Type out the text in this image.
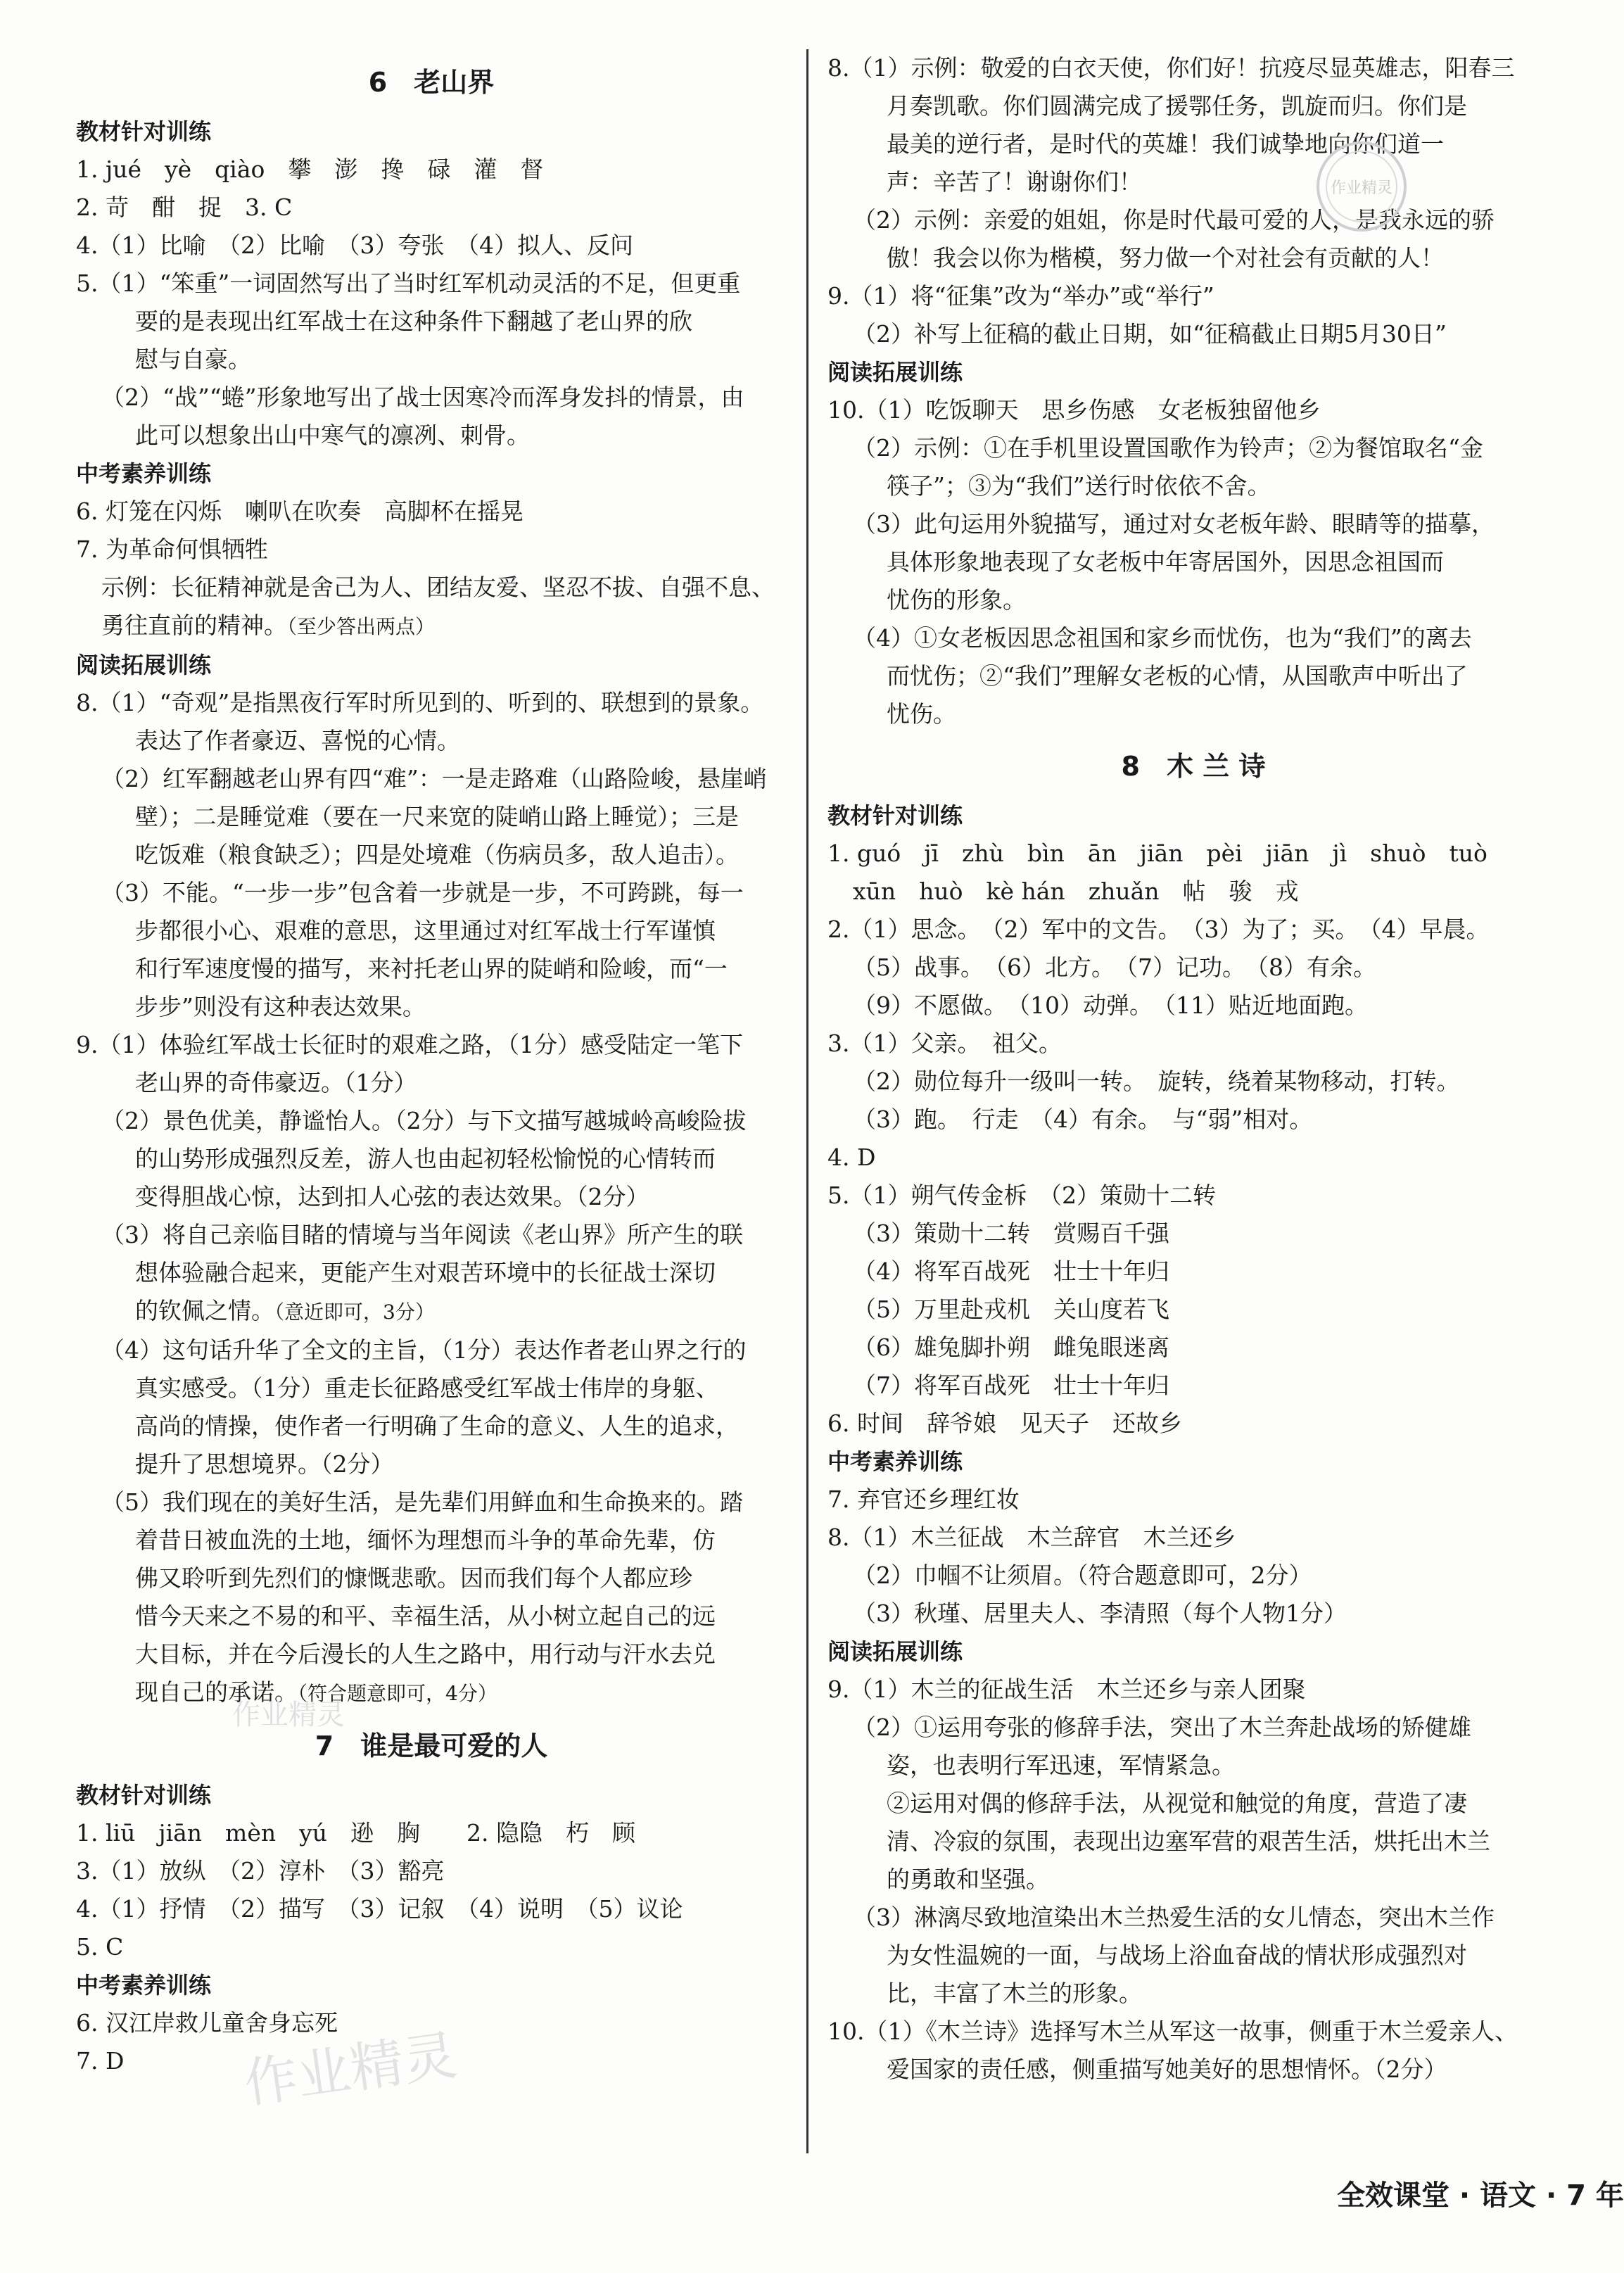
6　老山界
教材针对训练
1. jué　yè　qiào　攀　澎　搀　碌　灌　督
2. 苛　酣　捉　3. C
4.（1）比喻　（2）比喻　（3）夸张　（4）拟人、反问
5.（1）“笨重”一词固然写出了当时红军机动灵活的不足，但更重
要的是表现出红军战士在这种条件下翻越了老山界的欣
慰与自豪。
（2）“战”“蜷”形象地写出了战士因寒冷而浑身发抖的情景，由
此可以想象出山中寒气的凛冽、刺骨。
中考素养训练
6. 灯笼在闪烁　喇叭在吹奏　高脚杯在摇晃
7. 为革命何惧牺牲
示例：长征精神就是舍己为人、团结友爱、坚忍不拔、自强不息、
勇往直前的精神。（至少答出两点）
阅读拓展训练
8.（1）“奇观”是指黑夜行军时所见到的、听到的、联想到的景象。
表达了作者豪迈、喜悦的心情。
（2）红军翻越老山界有四“难”：一是走路难（山路险峻，悬崖峭
壁）；二是睡觉难（要在一尺来宽的陡峭山路上睡觉）；三是
吃饭难（粮食缺乏）；四是处境难（伤病员多，敌人追击）。
（3）不能。“一步一步”包含着一步就是一步，不可跨跳，每一
步都很小心、艰难的意思，这里通过对红军战士行军谨慎
和行军速度慢的描写，来衬托老山界的陡峭和险峻，而“一
步步”则没有这种表达效果。
9.（1）体验红军战士长征时的艰难之路，（1分）感受陆定一笔下
老山界的奇伟豪迈。（1分）
（2）景色优美，静谧怡人。（2分）与下文描写越城岭高峻险拔
的山势形成强烈反差，游人也由起初轻松愉悦的心情转而
变得胆战心惊，达到扣人心弦的表达效果。（2分）
（3）将自己亲临目睹的情境与当年阅读《老山界》所产生的联
想体验融合起来，更能产生对艰苦环境中的长征战士深切
的钦佩之情。（意近即可，3分）
（4）这句话升华了全文的主旨，（1分）表达作者老山界之行的
真实感受。（1分）重走长征路感受红军战士伟岸的身躯、
高尚的情操，使作者一行明确了生命的意义、人生的追求，
提升了思想境界。（2分）
（5）我们现在的美好生活，是先辈们用鲜血和生命换来的。踏
着昔日被血洗的土地，缅怀为理想而斗争的革命先辈，仿
佛又聆听到先烈们的慷慨悲歌。因而我们每个人都应珍
惜今天来之不易的和平、幸福生活，从小树立起自己的远
大目标，并在今后漫长的人生之路中，用行动与汗水去兑
现自己的承诺。（符合题意即可，4分）
7　谁是最可爱的人
教材针对训练
1. liū　jiān　mèn　yú　逊　胸　　2. 隐隐　朽　顾
3.（1）放纵　（2）淳朴　（3）豁亮
4.（1）抒情　（2）描写　（3）记叙　（4）说明　（5）议论
5. C
中考素养训练
6. 汉江岸救儿童舍身忘死
7. D
8.（1）示例：敬爱的白衣天使，你们好！抗疫尽显英雄志，阳春三
月奏凯歌。你们圆满完成了援鄂任务，凯旋而归。你们是
最美的逆行者，是时代的英雄！我们诚挚地向你们道一
声：辛苦了！谢谢你们！
（2）示例：亲爱的姐姐，你是时代最可爱的人，是我永远的骄
傲！我会以你为楷模，努力做一个对社会有贡献的人！
9.（1）将“征集”改为“举办”或“举行”
（2）补写上征稿的截止日期，如“征稿截止日期5月30日”
阅读拓展训练
10.（1）吃饭聊天　思乡伤感　女老板独留他乡
（2）示例：①在手机里设置国歌作为铃声；②为餐馆取名“金
筷子”；③为“我们”送行时依依不舍。
（3）此句运用外貌描写，通过对女老板年龄、眼睛等的描摹，
具体形象地表现了女老板中年寄居国外，因思念祖国而
忧伤的形象。
（4）①女老板因思念祖国和家乡而忧伤，也为“我们”的离去
而忧伤；②“我们”理解女老板的心情，从国歌声中听出了
忧伤。
8　木 兰 诗
教材针对训练
1. guó　jī　zhù　bìn　ān　jiān　pèi　jiān　jì　shuò　tuò
xūn　huò　kè hán　zhuǎn　帖　骏　戎
2.（1）思念。　（2）军中的文告。　（3）为了；买。　（4）早晨。
（5）战事。　（6）北方。　（7）记功。　（8）有余。
（9）不愿做。　（10）动弹。　（11）贴近地面跑。
3.（1）父亲。　祖父。
（2）勋位每升一级叫一转。　旋转，绕着某物移动，打转。
（3）跑。　行走　（4）有余。　与“弱”相对。
4. D
5.（1）朔气传金柝　（2）策勋十二转
（3）策勋十二转　赏赐百千强
（4）将军百战死　壮士十年归
（5）万里赴戎机　关山度若飞
（6）雄兔脚扑朔　雌兔眼迷离
（7）将军百战死　壮士十年归
6. 时间　辞爷娘　见天子　还故乡
中考素养训练
7. 弃官还乡理红妆
8.（1）木兰征战　木兰辞官　木兰还乡
（2）巾帼不让须眉。（符合题意即可，2分）
（3）秋瑾、居里夫人、李清照（每个人物1分）
阅读拓展训练
9.（1）木兰的征战生活　木兰还乡与亲人团聚
（2）①运用夸张的修辞手法，突出了木兰奔赴战场的矫健雄
姿，也表明行军迅速，军情紧急。
②运用对偶的修辞手法，从视觉和触觉的角度，营造了凄
清、冷寂的氛围，表现出边塞军营的艰苦生活，烘托出木兰
的勇敢和坚强。
（3）淋漓尽致地渲染出木兰热爱生活的女儿情态，突出木兰作
为女性温婉的一面，与战场上浴血奋战的情状形成强烈对
比，丰富了木兰的形象。
10.（1）《木兰诗》选择写木兰从军这一故事，侧重于木兰爱亲人、
爱国家的责任感，侧重描写她美好的思想情怀。（2分）
作业精灵
作业精灵
作业精灵
全效课堂 · 语文 · 7 年
